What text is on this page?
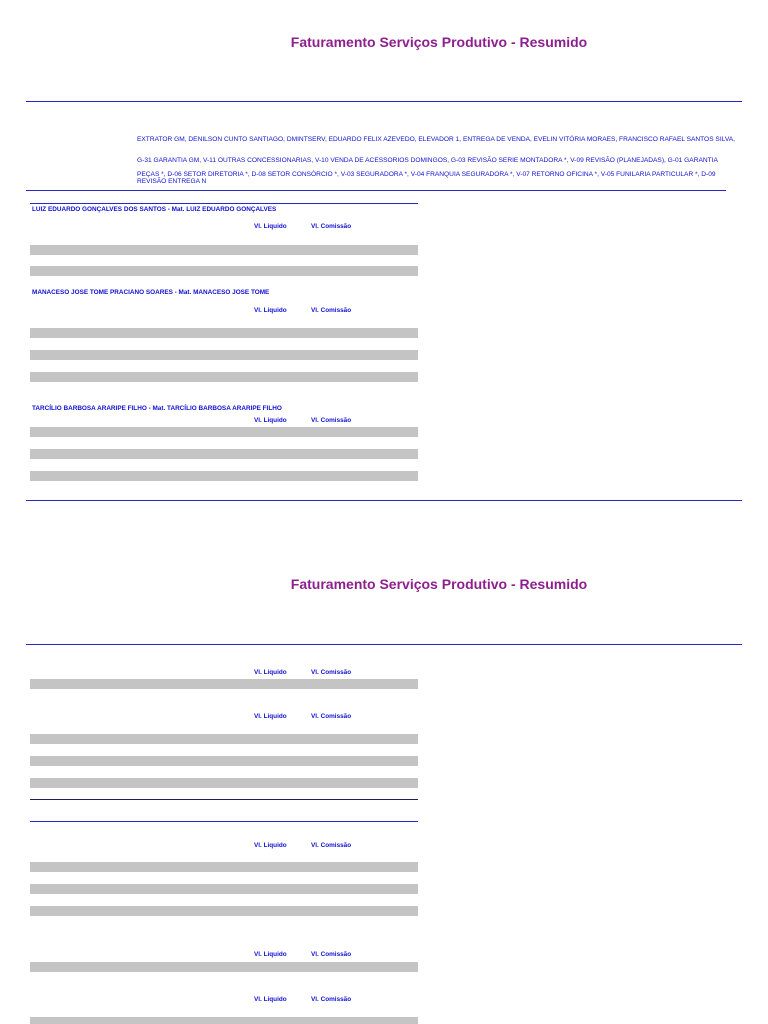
Faturamento Serviços Produtivo - Resumido
EXTRATOR GM, DENILSON CUNTO SANTIAGO, DMINTSERV, EDUARDO FELIX AZEVEDO, ELEVADOR 1, ENTREGA DE VENDA, EVELIN VITÓRIA MORAES, FRANCISCO RAFAEL SANTOS SILVA,
G-31 GARANTIA GM, V-11 OUTRAS CONCESSIONARIAS, V-10 VENDA DE ACESSORIOS DOMINGOS, G-03 REVISÃO SERIE MONTADORA *, V-09 REVISÃO (PLANEJADAS), G-01 GARANTIA
PEÇAS *, D-06 SETOR DIRETORIA *, D-08 SETOR CONSÓRCIO *, V-03 SEGURADORA *, V-04 FRANQUIA SEGURADORA *, V-07 RETORNO OFICINA *, V-05 FUNILARIA PARTICULAR *, D-09 REVISÃO ENTREGA N
LUIZ EDUARDO GONÇALVES DOS SANTOS - Mat. LUIZ EDUARDO GONÇALVES
Vl. Liquido	Vl. Comissão
MANACESO JOSE TOME PRACIANO SOARES - Mat. MANACESO JOSE TOME
Vl. Liquido	Vl. Comissão
TARCÍLIO BARBOSA ARARIPE FILHO - Mat. TARCÍLIO BARBOSA ARARIPE FILHO
Vl. Liquido	Vl. Comissão
Faturamento Serviços Produtivo - Resumido
Vl. Liquido	Vl. Comissão
Vl. Liquido	Vl. Comissão
Vl. Liquido	Vl. Comissão
Vl. Liquido	Vl. Comissão
Vl. Liquido	Vl. Comissão
